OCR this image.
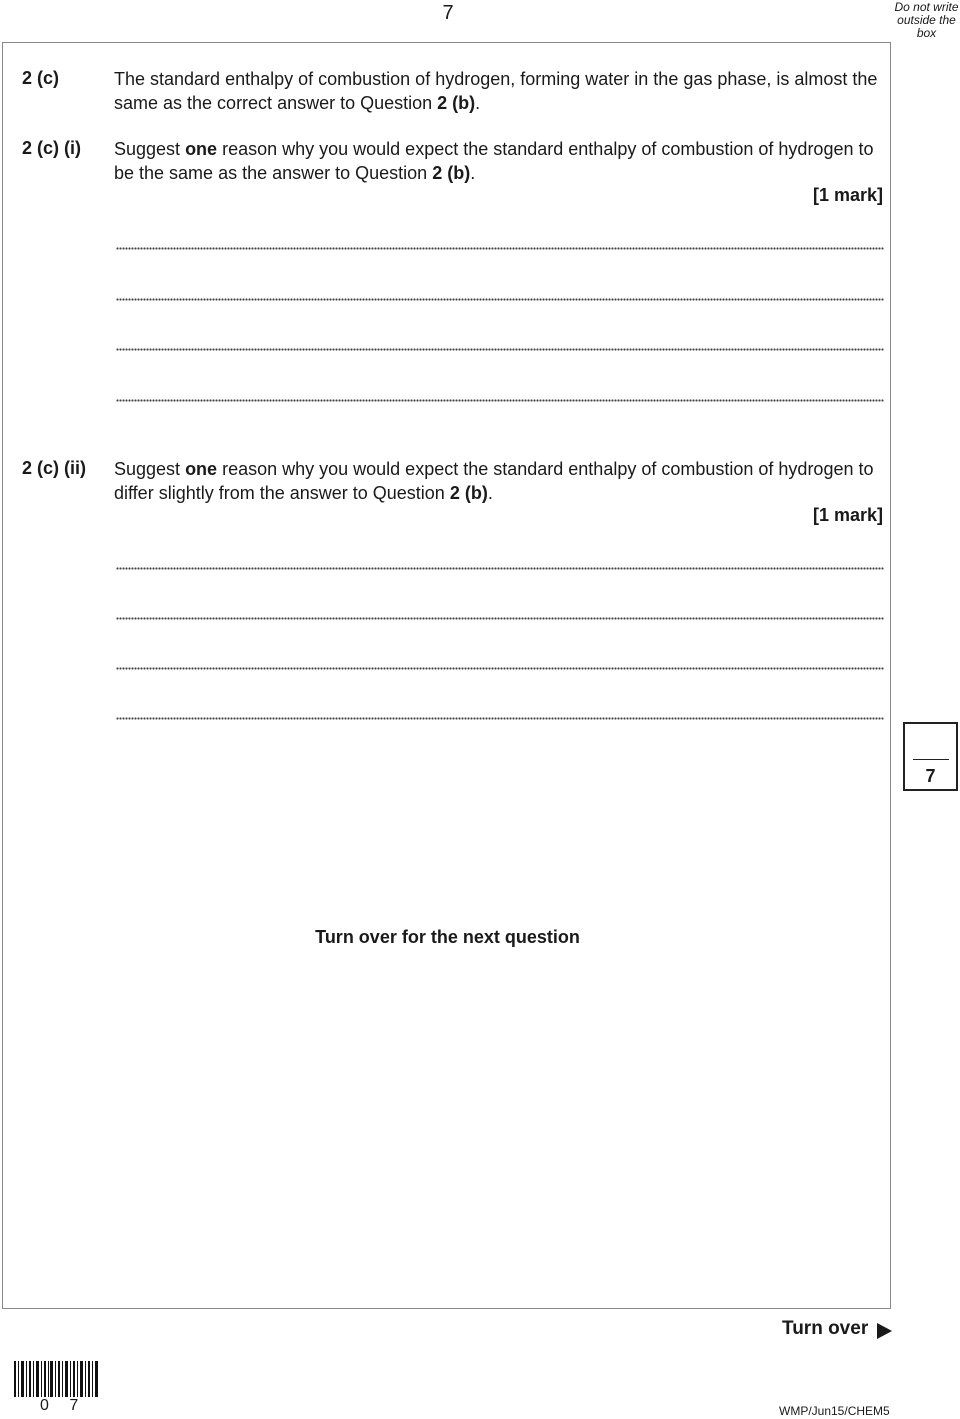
7	Do not write outside the box
2 (c)	The standard enthalpy of combustion of hydrogen, forming water in the gas phase, is almost the same as the correct answer to Question 2 (b).
2 (c) (i) Suggest one reason why you would expect the standard enthalpy of combustion of hydrogen to be the same as the answer to Question 2 (b).
[1 mark]
2 (c) (ii) Suggest one reason why you would expect the standard enthalpy of combustion of hydrogen to differ slightly from the answer to Question 2 (b).
[1 mark]
7
Turn over for the next question
Turn over
0 7	WMP/Jun15/CHEM5
